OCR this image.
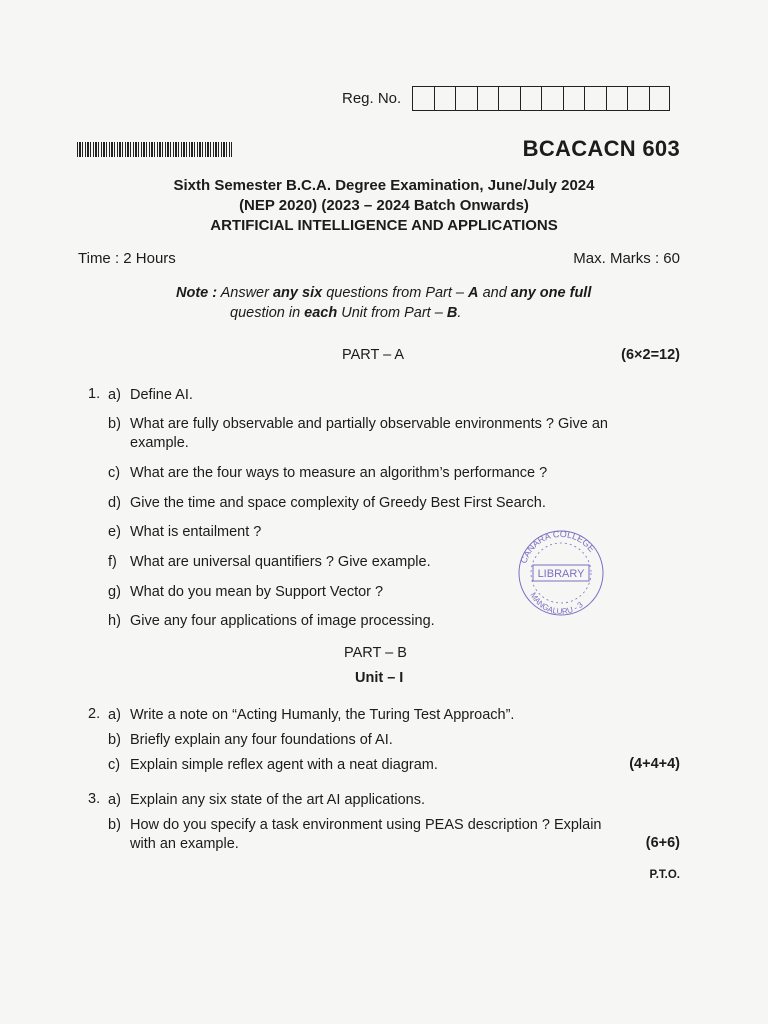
Reg. No.
BCACACN 603
Sixth Semester B.C.A. Degree Examination, June/July 2024
(NEP 2020) (2023 – 2024 Batch Onwards)
ARTIFICIAL INTELLIGENCE AND APPLICATIONS
Time : 2 Hours	Max. Marks : 60
Note : Answer any six questions from Part – A and any one full
question in each Unit from Part – B.
PART – A	(6×2=12)
1. a) Define AI.
b) What are fully observable and partially observable environments ? Give an
example.
c) What are the four ways to measure an algorithm’s performance ?
d) Give the time and space complexity of Greedy Best First Search.
e) What is entailment ?
f) What are universal quantifiers ? Give example.
g) What do you mean by Support Vector ?
h) Give any four applications of image processing.
CANARA COLLEGE
LIBRARY
MANGALURU - 3
PART – B
Unit – I
2. a) Write a note on “Acting Humanly, the Turing Test Approach”.
b) Briefly explain any four foundations of AI.
c) Explain simple reflex agent with a neat diagram.	(4+4+4)
3. a) Explain any six state of the art AI applications.
b) How do you specify a task environment using PEAS description ? Explain
with an example.	(6+6)
P.T.O.
